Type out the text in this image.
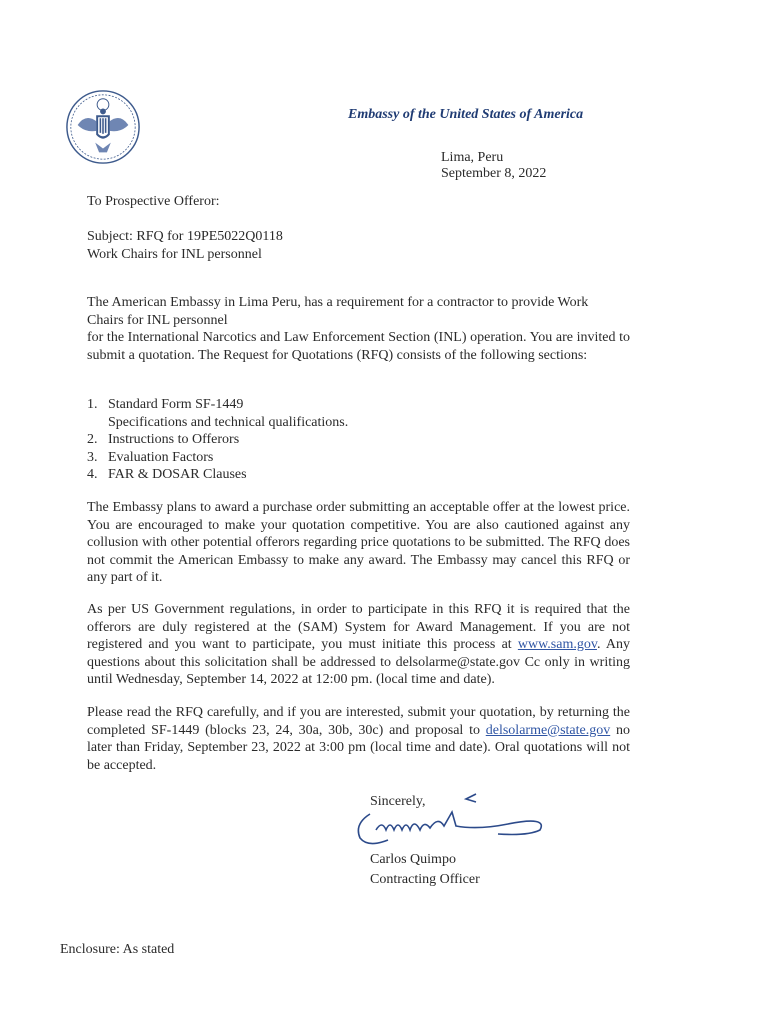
Embassy of the United States of America
Lima, Peru
September 8, 2022
To Prospective Offeror:
Subject: RFQ for 19PE5022Q0118
Work Chairs for INL personnel
The American Embassy in Lima Peru, has a requirement for a contractor to provide Work
Chairs for INL personnel
for the International Narcotics and Law Enforcement Section (INL) operation. You are invited to submit a quotation. The Request for Quotations (RFQ) consists of the following sections:
1. Standard Form SF-1449
Specifications and technical qualifications.
2. Instructions to Offerors
3. Evaluation Factors
4. FAR & DOSAR Clauses
The Embassy plans to award a purchase order submitting an acceptable offer at the lowest price. You are encouraged to make your quotation competitive. You are also cautioned against any collusion with other potential offerors regarding price quotations to be submitted. The RFQ does not commit the American Embassy to make any award. The Embassy may cancel this RFQ or any part of it.
As per US Government regulations, in order to participate in this RFQ it is required that the offerors are duly registered at the (SAM) System for Award Management. If you are not registered and you want to participate, you must initiate this process at www.sam.gov. Any questions about this solicitation shall be addressed to delsolarme@state.gov Cc only in writing until Wednesday, September 14, 2022 at 12:00 pm. (local time and date).
Please read the RFQ carefully, and if you are interested, submit your quotation, by returning the completed SF-1449 (blocks 23, 24, 30a, 30b, 30c) and proposal to delsolarme@state.gov no later than Friday, September 23, 2022 at 3:00 pm (local time and date). Oral quotations will not be accepted.
Sincerely,
Carlos Quimpo
Contracting Officer
Enclosure: As stated
